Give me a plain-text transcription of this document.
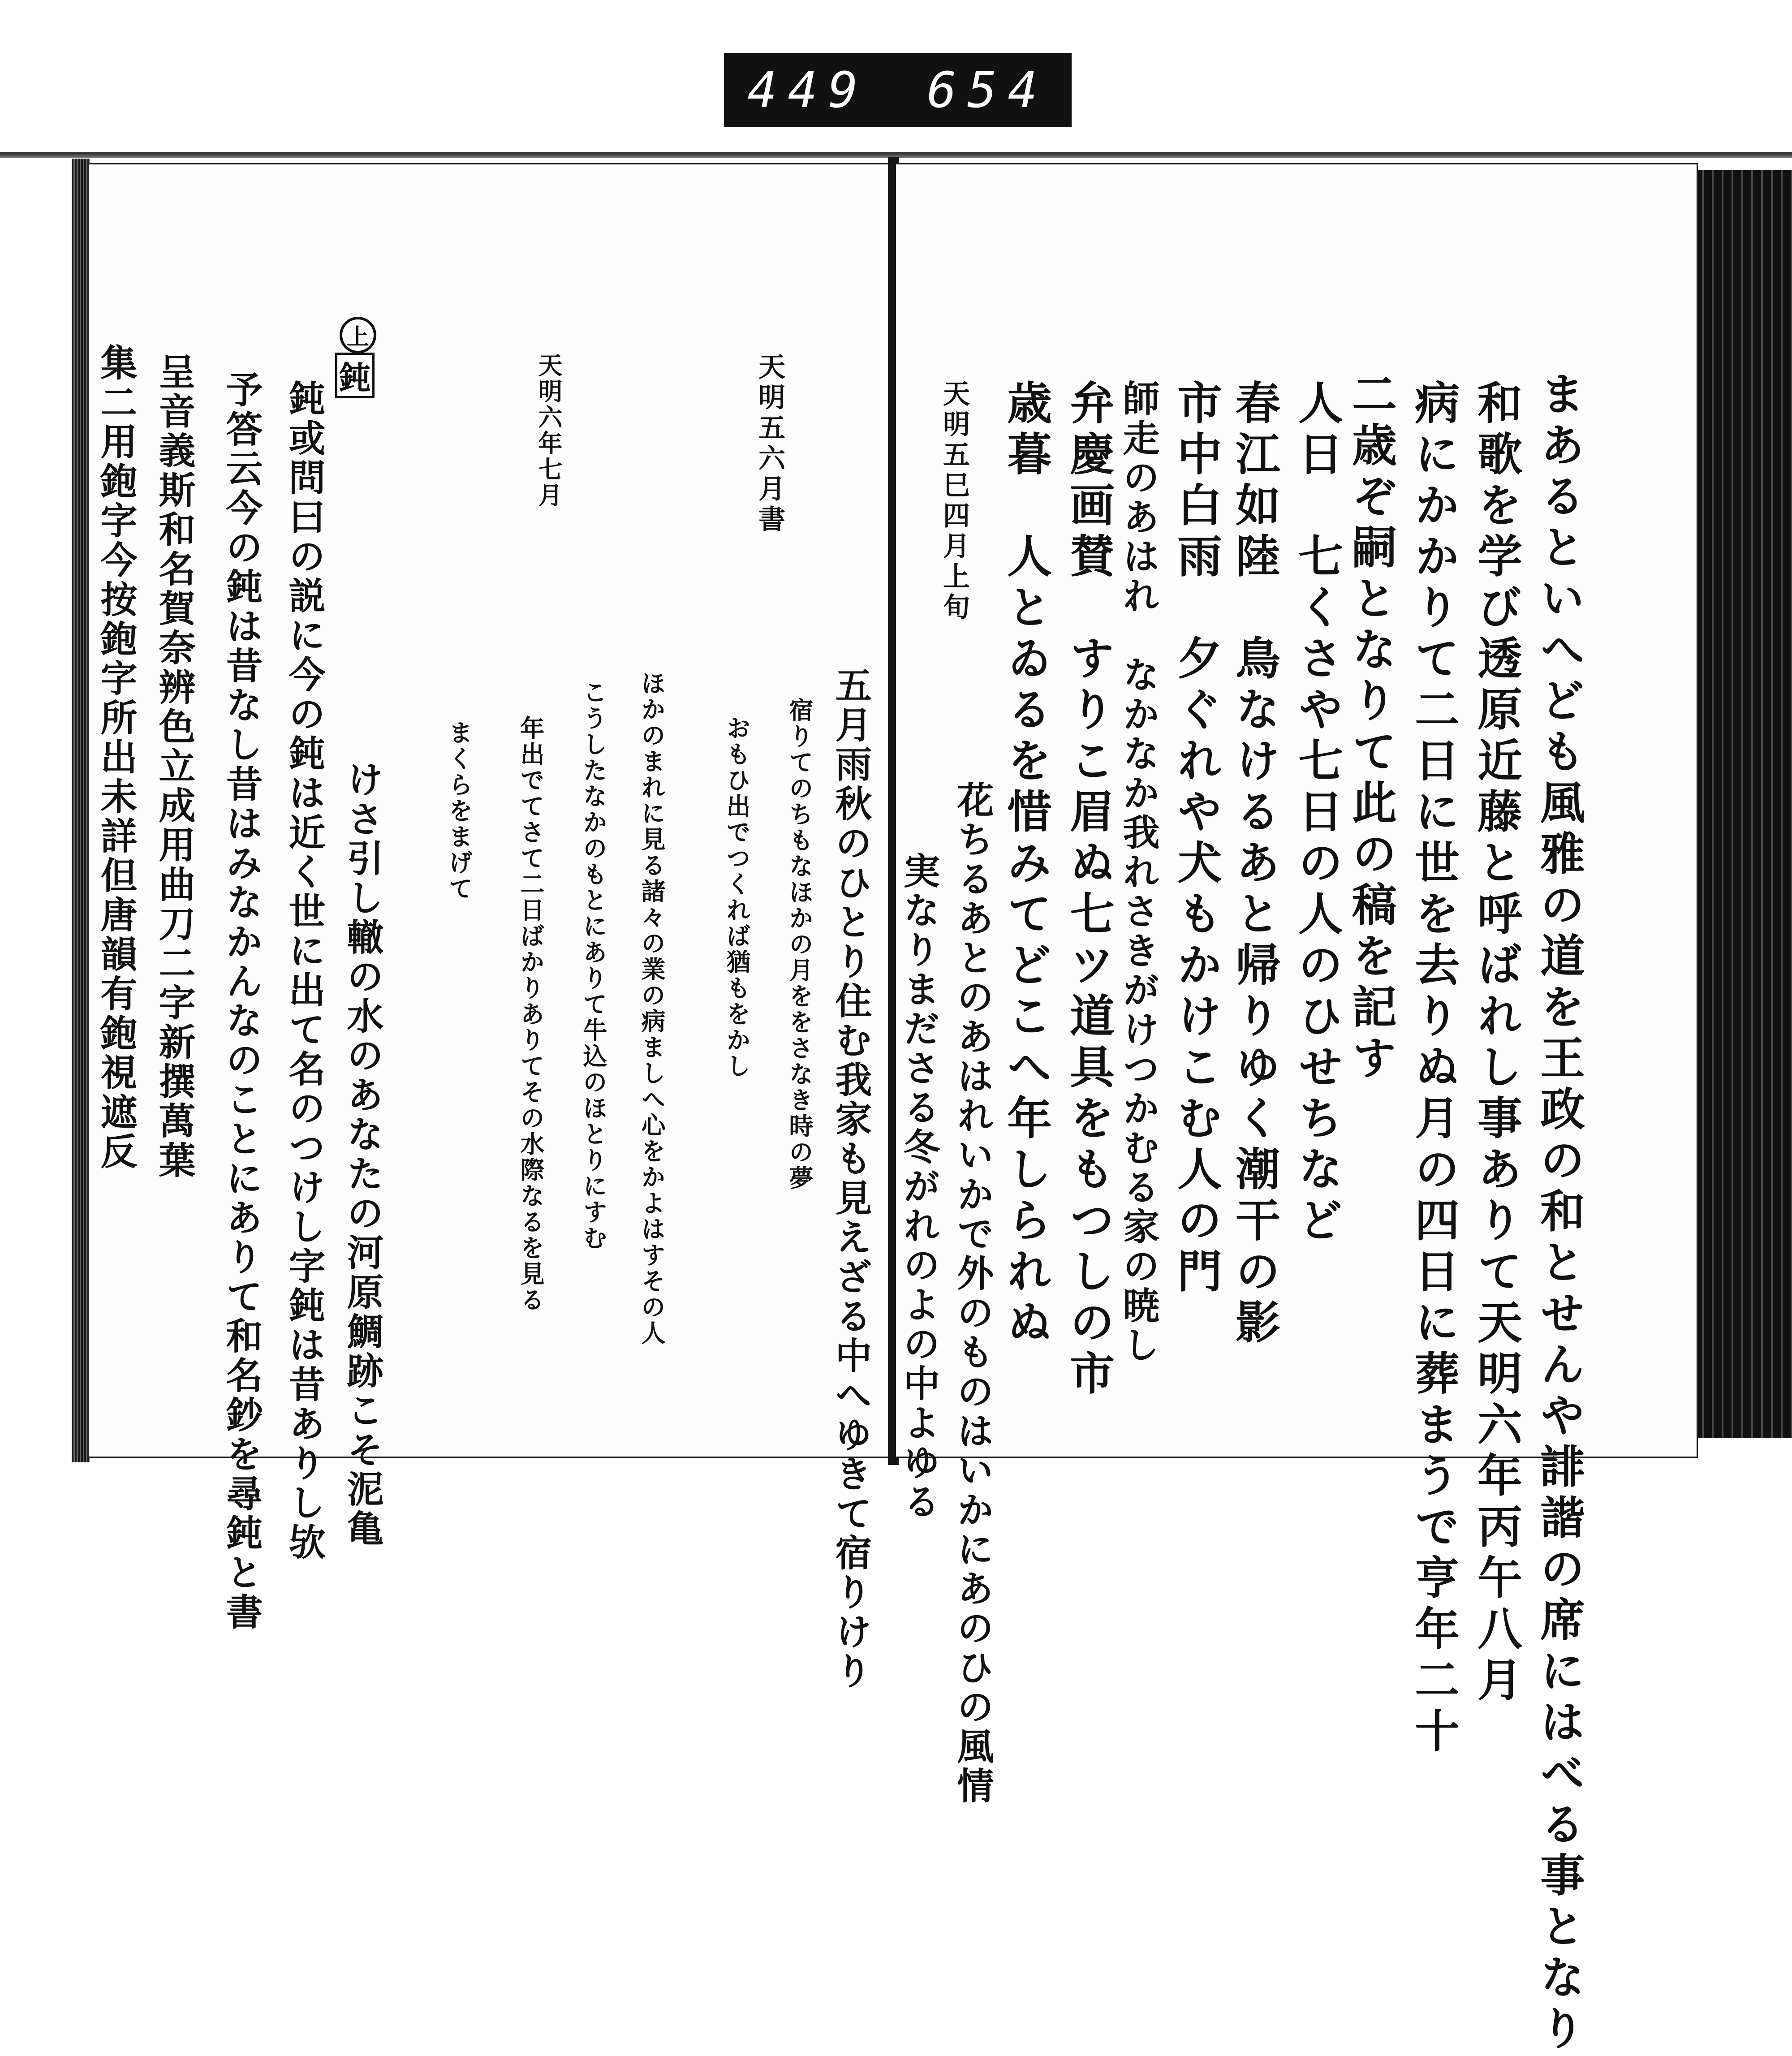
449 654
天明五六月書
五月雨秋のひとり住む我家も見えざる中へゆきて宿りけり
宿りてのちもなほかの月ををさなき時の夢
おもひ出でつくれば猶もをかし
天明六年七月
ほかのまれに見る諸々の業の病ましへ心をかよはすその人
こうしたなかのもとにありて牛込のほとりにすむ
年出でてさて二日ばかりありてその水際なるを見る
まくらをまげて
けさ引し轍の水のあなたの河原鯛跡こそ泥亀
鈍或問曰の説に今の鈍は近く世に出て名のつけし字鈍は昔ありし欤
予答云今の鈍は昔なし昔はみなかんなのことにありて和名鈔を尋鈍と書
呈音義斯和名賀奈辨色立成用曲刀二字新撰萬葉
集二用鉋字今按鉋字所出未詳但唐韻有鉋視遮反
上
鈍	まあるといへども風雅の道を王政の和とせんや誹諧の席にはべる事となり
和歌を学び透原近藤と呼ばれし事ありて天明六年丙午八月
病にかかりて二日に世を去りぬ月の四日に葬まうで亨年二十
二歳ぞ嗣となりて此の稿を記す
天明五巳四月上旬	人日　七くさや七日の人のひせちなど
春江如陸　鳥なけるあと帰りゆく潮干の影
市中白雨　夕ぐれや犬もかけこむ人の門
師走のあはれ　なかなか我れさきがけつかむる家の暁し
弁慶画賛　すりこ眉ぬ七ツ道具をもつしの市
歳暮　人とゐるを惜みてどこへ年しられぬ
　　花ちるあとのあはれいかで外のものはいかにあのひの風情
　　　実なりまださる冬がれのよの中よゆる
